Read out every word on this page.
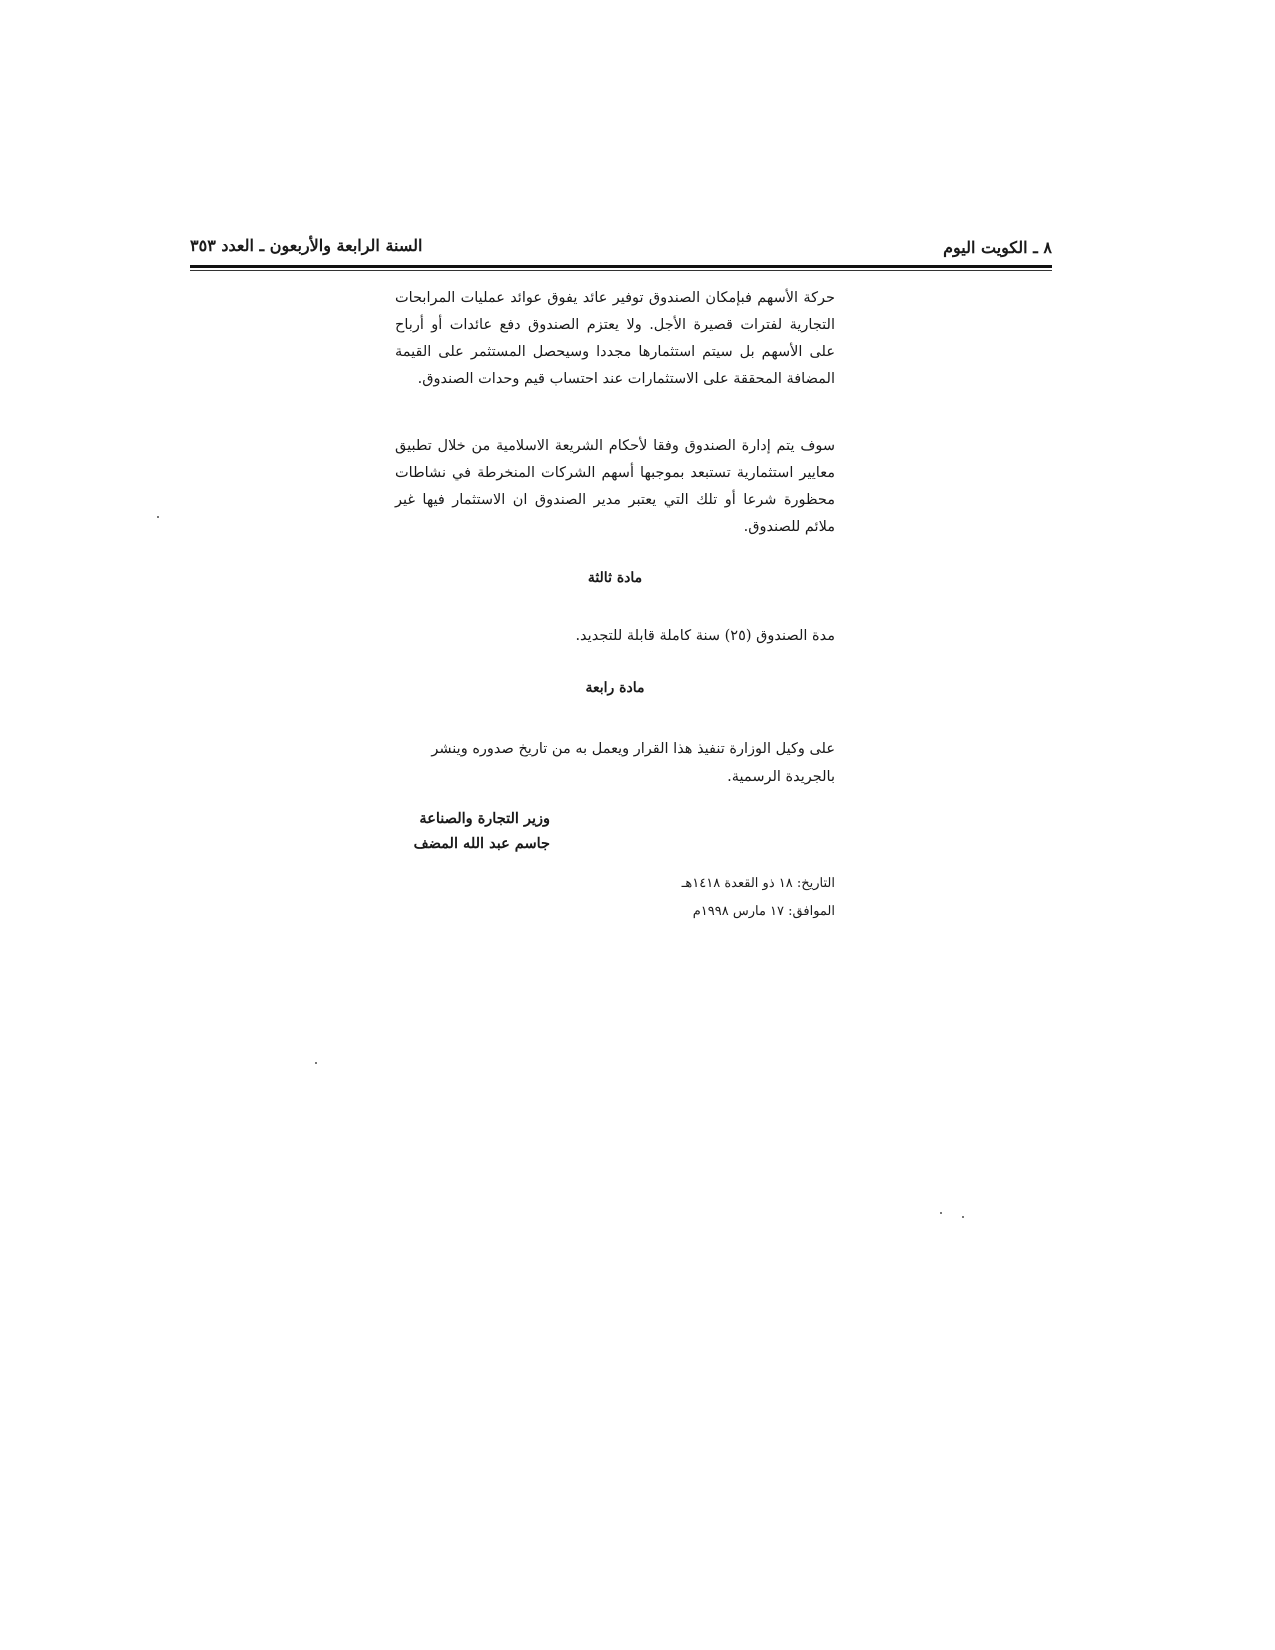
السنة الرابعة والأربعون ـ العدد ٣٥٣	٨ ـ الكويت اليوم
حركة الأسهم فبإمكان الصندوق توفير عائد يفوق عوائد عمليات المرابحات التجارية لفترات قصيرة الأجل. ولا يعتزم الصندوق دفع عائدات أو أرباح على الأسهم بل سيتم استثمارها مجددا وسيحصل المستثمر على القيمة المضافة المحققة على الاستثمارات عند احتساب قيم وحدات الصندوق.
سوف يتم إدارة الصندوق وفقا لأحكام الشريعة الاسلامية من خلال تطبيق معايير استثمارية تستبعد بموجبها أسهم الشركات المنخرطة في نشاطات محظورة شرعا أو تلك التي يعتبر مدير الصندوق ان الاستثمار فيها غير ملائم للصندوق.
مادة ثالثة
مدة الصندوق (٢٥) سنة كاملة قابلة للتجديد.
مادة رابعة
على وكيل الوزارة تنفيذ هذا القرار ويعمل به من تاريخ صدوره وينشر بالجريدة الرسمية.
وزير التجارة والصناعة
جاسم عبد الله المضف
التاريخ: ١٨ ذو القعدة ١٤١٨هـ
الموافق: ١٧ مارس ١٩٩٨م
